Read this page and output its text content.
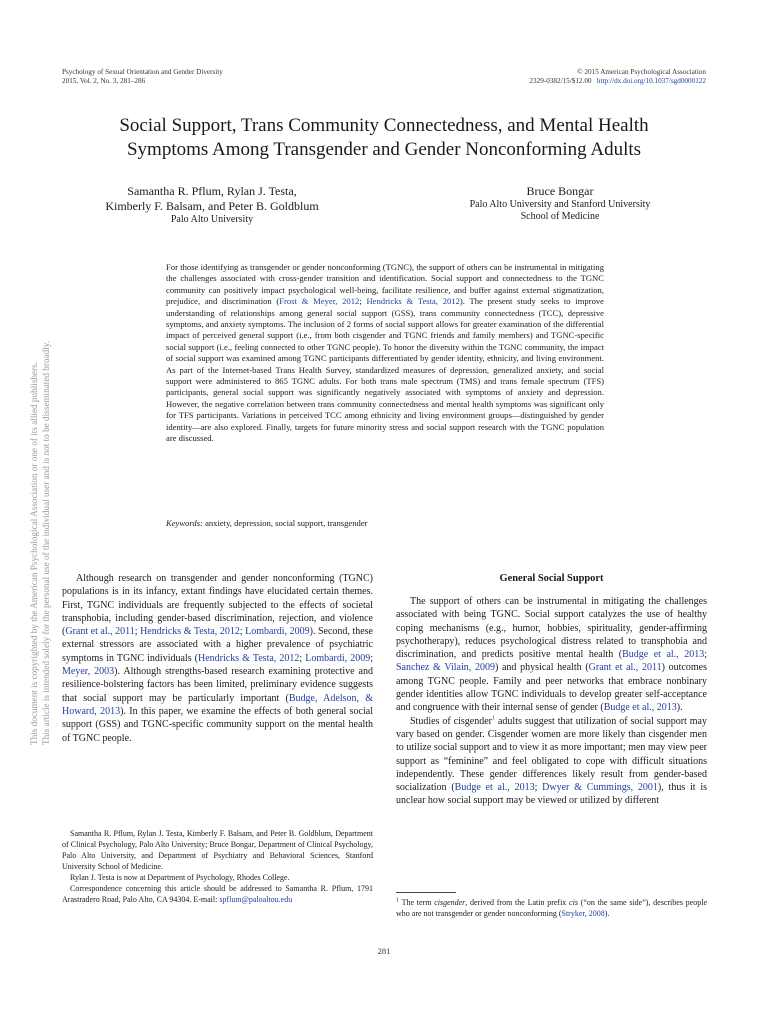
Psychology of Sexual Orientation and Gender Diversity
2015, Vol. 2, No. 3, 281–286
© 2015 American Psychological Association
2329-0382/15/$12.00 http://dx.doi.org/10.1037/sgd0000122
Social Support, Trans Community Connectedness, and Mental Health
Symptoms Among Transgender and Gender Nonconforming Adults
Samantha R. Pflum, Rylan J. Testa,
Kimberly F. Balsam, and Peter B. Goldblum
Palo Alto University
Bruce Bongar
Palo Alto University and Stanford University
School of Medicine
For those identifying as transgender or gender nonconforming (TGNC), the support of others can be instrumental in mitigating the challenges associated with cross-gender transition and identification. Social support and connectedness to the TGNC community can positively impact psychological well-being, facilitate resilience, and buffer against external stigmatization, prejudice, and discrimination (Frost & Meyer, 2012; Hendricks & Testa, 2012). The present study seeks to improve understanding of relationships among general social support (GSS), trans community connectedness (TCC), depressive symptoms, and anxiety symptoms. The inclusion of 2 forms of social support allows for greater examination of the differential impact of perceived general support (i.e., from both cisgender and TGNC friends and family members) and TGNC-specific social support (i.e., feeling connected to other TGNC people). To honor the diversity within the TGNC community, the impact of social support was examined among TGNC participants differentiated by gender identity, ethnicity, and living environment. As part of the Internet-based Trans Health Survey, standardized measures of depression, generalized anxiety, and social support were administered to 865 TGNC adults. For both trans male spectrum (TMS) and trans female spectrum (TFS) participants, general social support was significantly negatively associated with symptoms of anxiety and depression. However, the negative correlation between trans community connectedness and mental health symptoms was significant only for TFS participants. Variations in perceived TCC among ethnicity and living environment groups—distinguished by gender identity—are also explored. Finally, targets for future minority stress and social support research with the TGNC population are discussed.
Keywords: anxiety, depression, social support, transgender

Although research on transgender and gender nonconforming (TGNC) populations is in its infancy, extant findings have elucidated certain themes. First, TGNC individuals are frequently subjected to the effects of societal transphobia, including gender-based discrimination, rejection, and violence (Grant et al., 2011; Hendricks & Testa, 2012; Lombardi, 2009). Second, these external stressors are associated with a higher prevalence of psychiatric symptoms in TGNC individuals (Hendricks & Testa, 2012; Lombardi, 2009; Meyer, 2003). Although strengths-based research examining protective and resilience-bolstering factors has been limited, preliminary evidence suggests that social support may be particularly important (Budge, Adelson, & Howard, 2013). In this paper, we examine the effects of both general social support (GSS) and TGNC-specific community support on the mental health of TGNC people.

Samantha R. Pflum, Rylan J. Testa, Kimberly F. Balsam, and Peter B. Goldblum, Department of Clinical Psychology, Palo Alto University; Bruce Bongar, Department of Clinical Psychology, Palo Alto University, and Department of Psychiatry and Behavioral Sciences, Stanford University School of Medicine.

Rylan J. Testa is now at Department of Psychology, Rhodes College.

Correspondence concerning this article should be addressed to Samantha R. Pflum, 1791 Arastradero Road, Palo Alto, CA 94304. E-mail: spflum@paloaltou.edu

General Social Support

The support of others can be instrumental in mitigating the challenges associated with being TGNC. Social support catalyzes the use of healthy coping mechanisms (e.g., humor, hobbies, spirituality, gender-affirming psychotherapy), reduces psychological distress related to transphobia and discrimination, and predicts positive mental health (Budge et al., 2013; Sanchez & Vilain, 2009) and physical health (Grant et al., 2011) outcomes among TGNC people. Family and peer networks that embrace nonbinary gender identities allow TGNC individuals to develop greater self-acceptance and congruence with their internal sense of gender (Budge et al., 2013).

Studies of cisgender$^1$ adults suggest that utilization of social support may vary based on gender. Cisgender women are more likely than cisgender men to utilize social support and to view it as more important; men may view peer support as “feminine” and feel obligated to cope with difficult situations independently. These gender differences likely result from gender-based socialization (Budge et al., 2013; Dwyer & Cummings, 2001), thus it is unclear how social support may be viewed or utilized by different

$^1$ The term cisgender, derived from the Latin prefix cis (“on the same side”), describes people who are not transgender or gender nonconforming (Stryker, 2008).
281
This document is copyrighted by the American Psychological Association or one of its allied publishers. This article is intended solely for the personal use of the individual user and is not to be disseminated broadly.
